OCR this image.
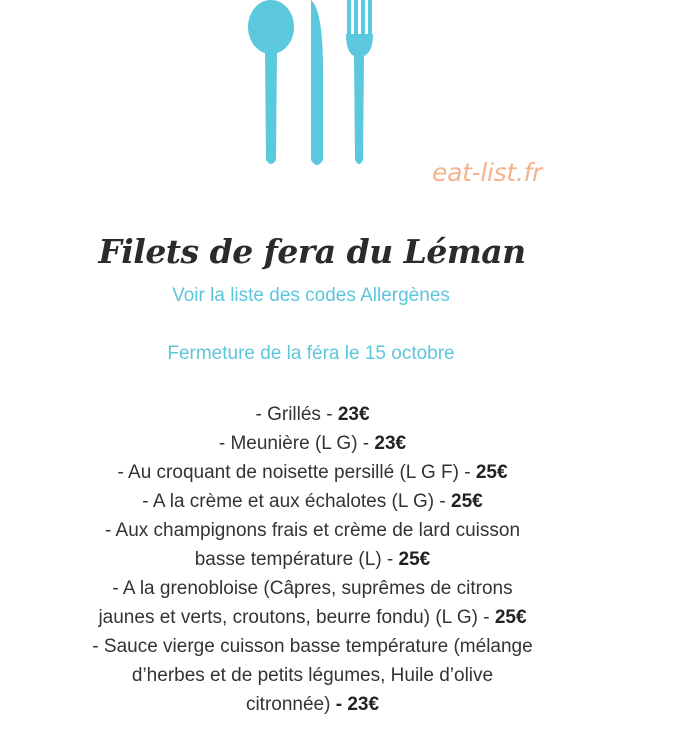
eat-list.fr
Filets de fera du Léman
Voir la liste des codes Allergènes
Fermeture de la féra le 15 octobre
- Grillés - 23€
- Meunière (L G) - 23€
- Au croquant de noisette persillé (L G F) - 25€
- A la crème et aux échalotes (L G) - 25€
- Aux champignons frais et crème de lard cuisson
basse température (L) - 25€
- A la grenobloise (Câpres, suprêmes de citrons
jaunes et verts, croutons, beurre fondu) (L G) - 25€
- Sauce vierge cuisson basse température (mélange
d’herbes et de petits légumes, Huile d’olive
citronnée) - 23€
